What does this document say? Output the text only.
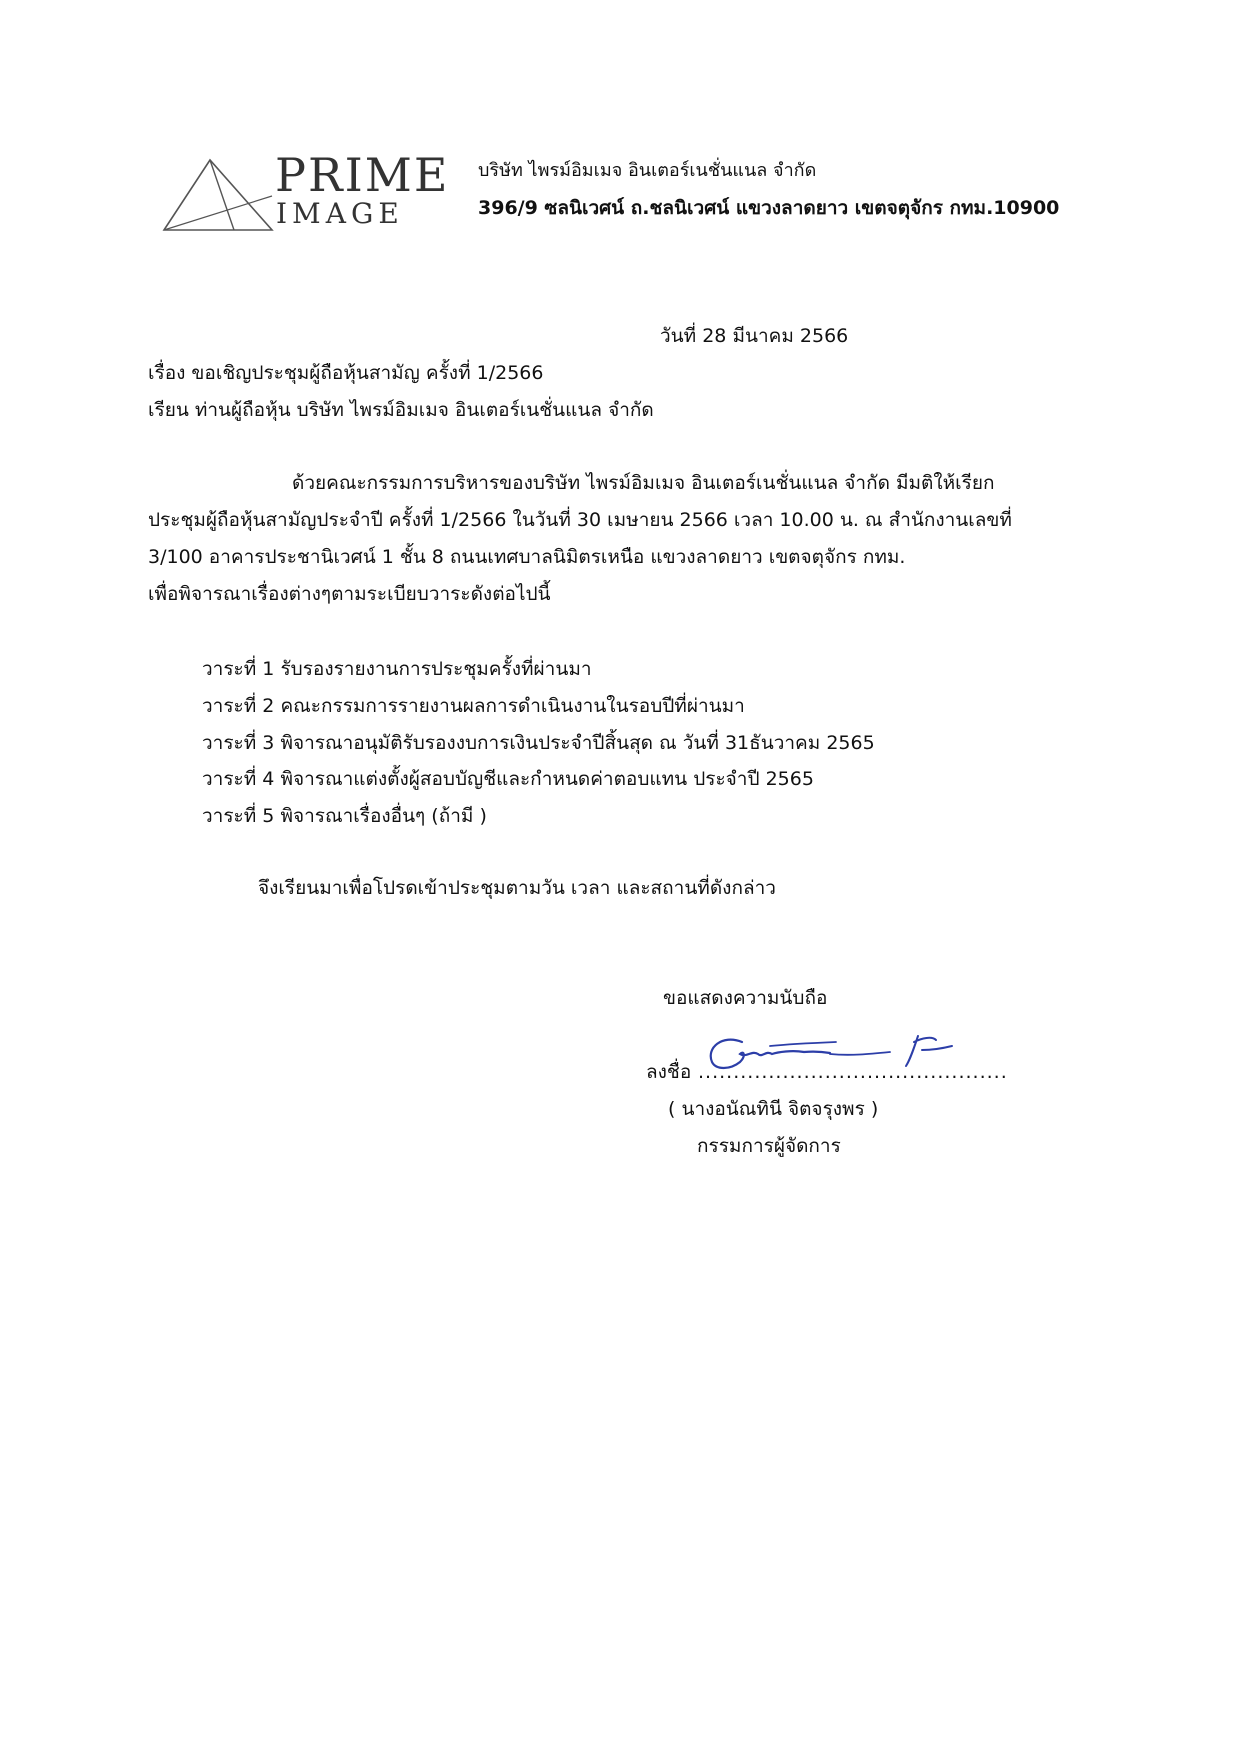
PRIME
IMAGE
บริษัท ไพรม์อิมเมจ อินเตอร์เนชั่นแนล จำกัด
396/9 ซลนิเวศน์ ถ.ชลนิเวศน์ แขวงลาดยาว เขตจตุจักร กทม.10900
วันที่ 28 มีนาคม 2566
เรื่อง ขอเชิญประชุมผู้ถือหุ้นสามัญ ครั้งที่ 1/2566
เรียน ท่านผู้ถือหุ้น บริษัท ไพรม์อิมเมจ อินเตอร์เนชั่นแนล จำกัด
ด้วยคณะกรรมการบริหารของบริษัท ไพรม์อิมเมจ อินเตอร์เนชั่นแนล จำกัด มีมติให้เรียก
ประชุมผู้ถือหุ้นสามัญประจำปี ครั้งที่ 1/2566 ในวันที่ 30 เมษายน 2566 เวลา 10.00 น. ณ สำนักงานเลขที่
3/100 อาคารประชานิเวศน์ 1 ชั้น 8 ถนนเทศบาลนิมิตรเหนือ แขวงลาดยาว เขตจตุจักร กทม.
เพื่อพิจารณาเรื่องต่างๆตามระเบียบวาระดังต่อไปนี้
วาระที่ 1 รับรองรายงานการประชุมครั้งที่ผ่านมา
วาระที่ 2 คณะกรรมการรายงานผลการดำเนินงานในรอบปีที่ผ่านมา
วาระที่ 3 พิจารณาอนุมัติรับรองงบการเงินประจำปีสิ้นสุด ณ วันที่ 31ธันวาคม 2565
วาระที่ 4 พิจารณาแต่งตั้งผู้สอบบัญชีและกำหนดค่าตอบแทน ประจำปี 2565
วาระที่ 5 พิจารณาเรื่องอื่นๆ (ถ้ามี )
จึงเรียนมาเพื่อโปรดเข้าประชุมตามวัน เวลา และสถานที่ดังกล่าว
ขอแสดงความนับถือ
ลงชื่อ ............................................
( นางอนัณทินี จิตจรุงพร )
กรรมการผู้จัดการ
